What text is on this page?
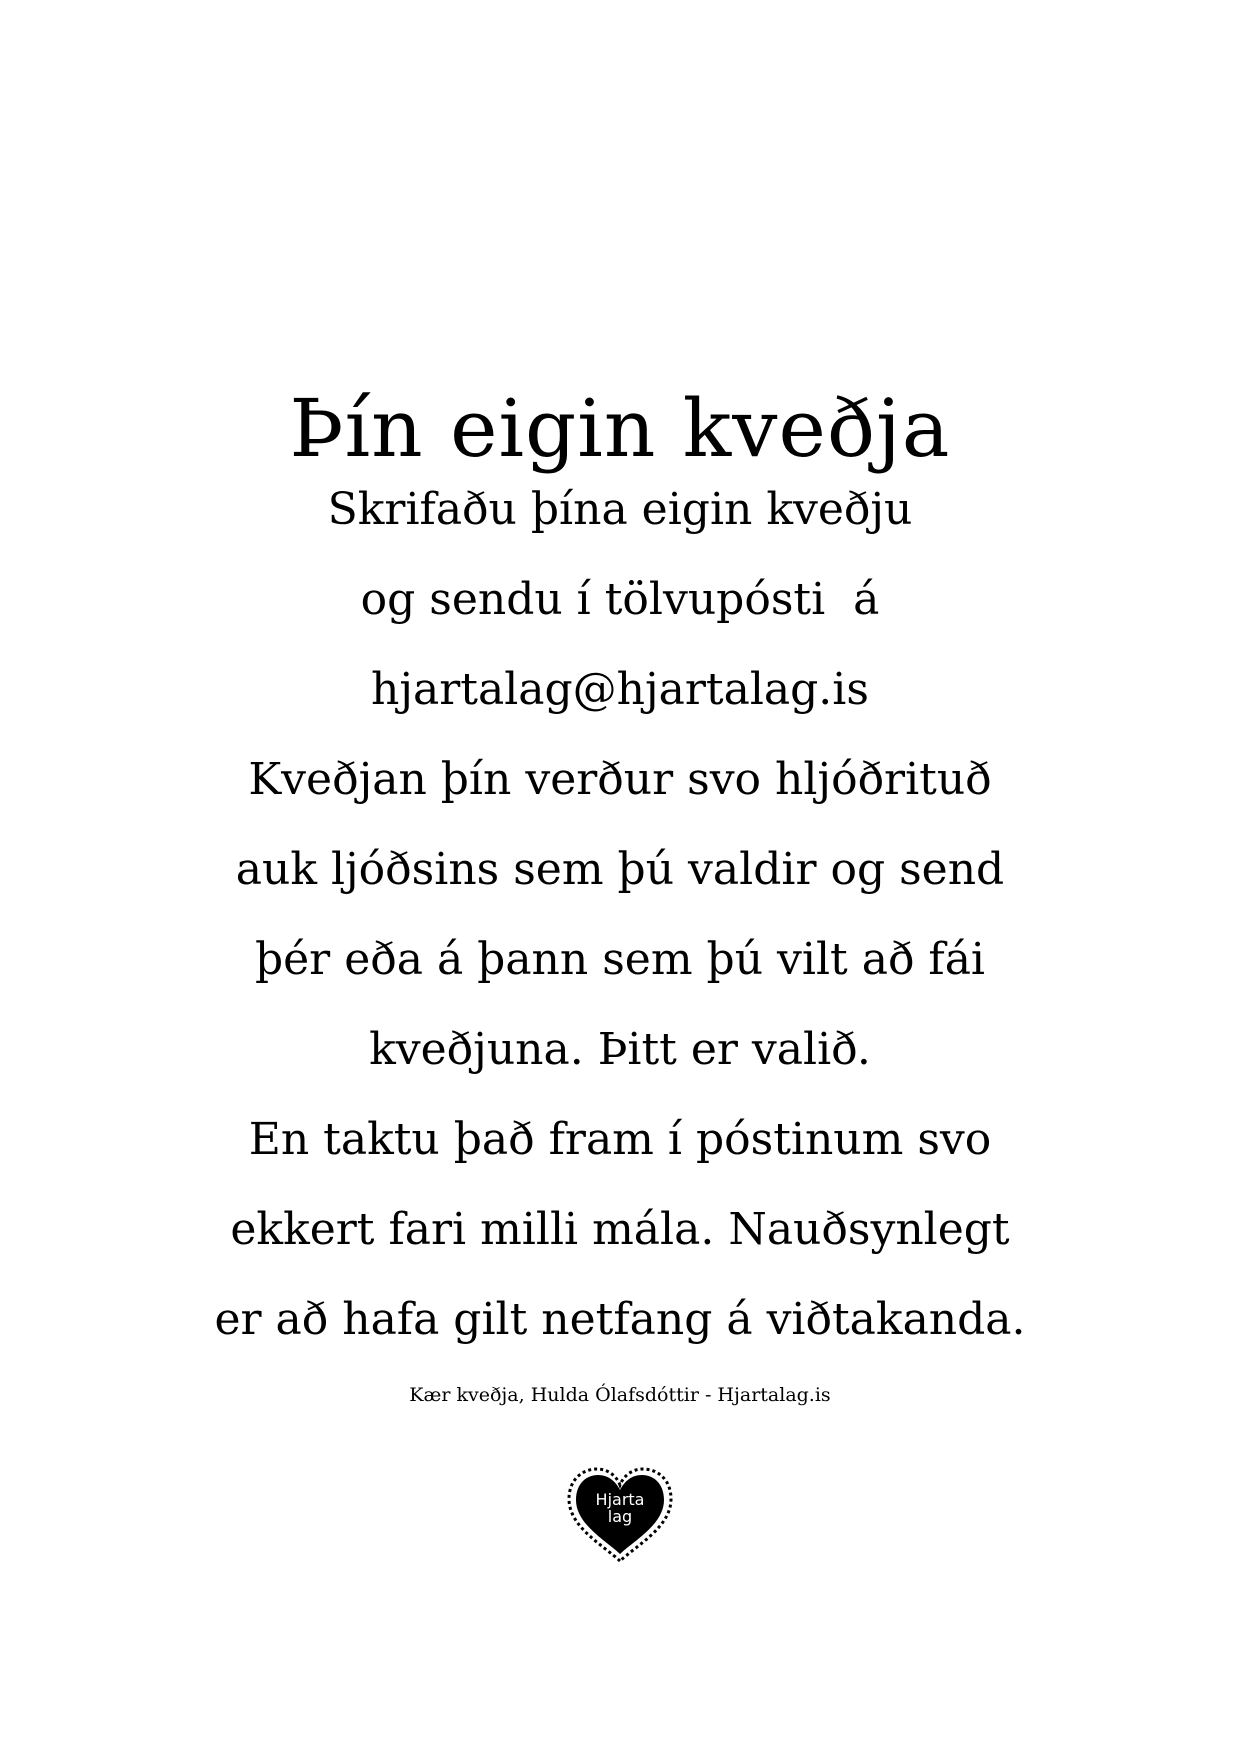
Þín eigin kveðja
Skrifaðu þína eigin kveðju
og sendu í tölvupósti  á
hjartalag@hjartalag.is
Kveðjan þín verður svo hljóðrituð
auk ljóðsins sem þú valdir og send
þér eða á þann sem þú vilt að fái
kveðjuna. Þitt er valið.
En taktu það fram í póstinum svo
ekkert fari milli mála. Nauðsynlegt
er að hafa gilt netfang á viðtakanda.
Kær kveðja, Hulda Ólafsdóttir - Hjartalag.is
Hjarta
lag
